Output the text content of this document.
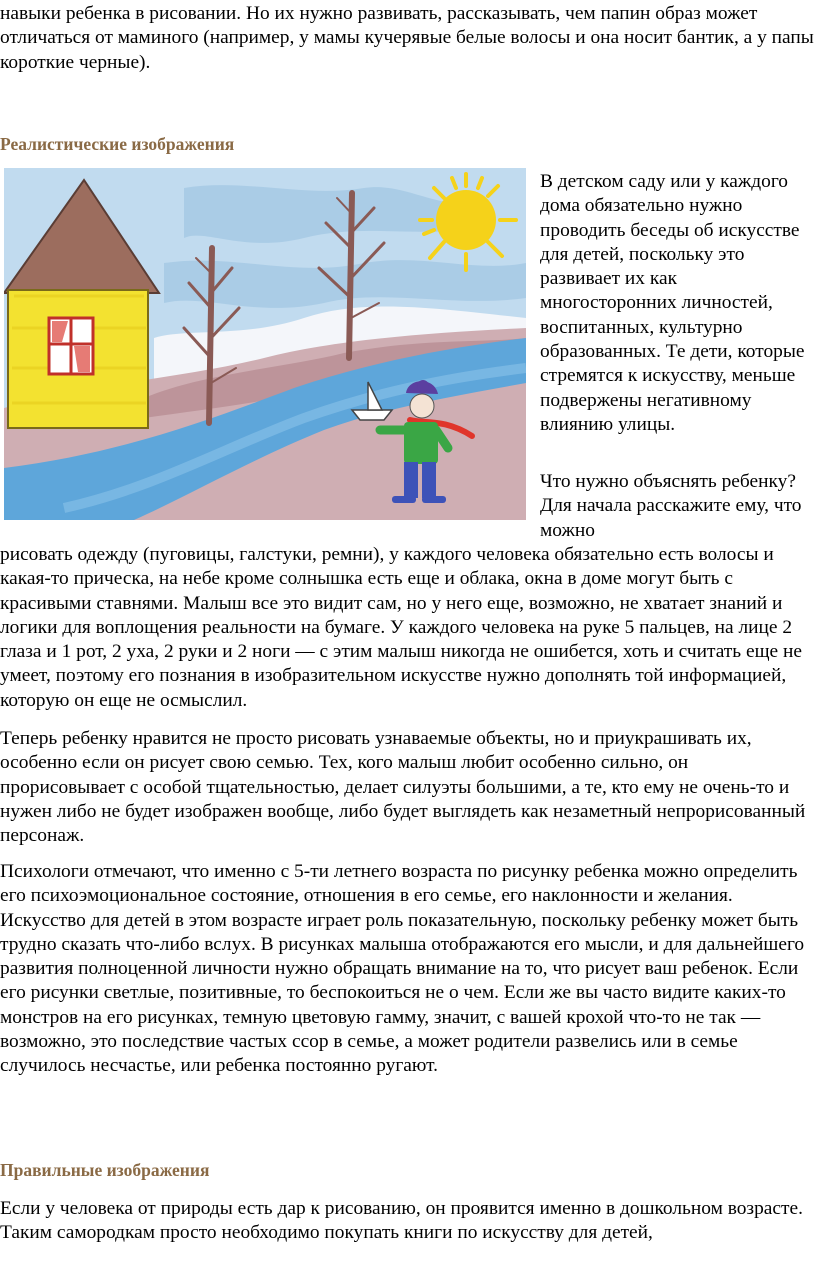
навыки ребенка в рисовании. Но их нужно развивать, рассказывать, чем папин образ может отличаться от маминого (например, у мамы кучерявые белые волосы и она носит бантик, а у папы короткие черные).

Реалистические изображения

В детском саду или у каждого дома обязательно нужно проводить беседы об искусстве для детей, поскольку это развивает их как многосторонних личностей, воспитанных, культурно образованных. Те дети, которые стремятся к искусству, меньше подвержены негативному влиянию улицы.

Что нужно объяснять ребенку? Для начала расскажите ему, что можно

рисовать одежду (пуговицы, галстуки, ремни), у каждого человека обязательно есть волосы и какая-то прическа, на небе кроме солнышка есть еще и облака, окна в доме могут быть с красивыми ставнями. Малыш все это видит сам, но у него еще, возможно, не хватает знаний и логики для воплощения реальности на бумаге. У каждого человека на руке 5 пальцев, на лице 2 глаза и 1 рот, 2 уха, 2 руки и 2 ноги — с этим малыш никогда не ошибется, хоть и считать еще не умеет, поэтому его познания в изобразительном искусстве нужно дополнять той информацией, которую он еще не осмыслил.

Теперь ребенку нравится не просто рисовать узнаваемые объекты, но и приукрашивать их, особенно если он рисует свою семью. Тех, кого малыш любит особенно сильно, он прорисовывает с особой тщательностью, делает силуэты большими, а те, кто ему не очень-то и нужен либо не будет изображен вообще, либо будет выглядеть как незаметный непрорисованный персонаж.

Психологи отмечают, что именно с 5-ти летнего возраста по рисунку ребенка можно определить его психоэмоциональное состояние, отношения в его семье, его наклонности и желания. Искусство для детей в этом возрасте играет роль показательную, поскольку ребенку может быть трудно сказать что-либо вслух. В рисунках малыша отображаются его мысли, и для дальнейшего развития полноценной личности нужно обращать внимание на то, что рисует ваш ребенок. Если его рисунки светлые, позитивные, то беспокоиться не о чем. Если же вы часто видите каких-то монстров на его рисунках, темную цветовую гамму, значит, с вашей крохой что-то не так — возможно, это последствие частых ссор в семье, а может родители развелись или в семье случилось несчастье, или ребенка постоянно ругают.

Правильные изображения

Если у человека от природы есть дар к рисованию, он проявится именно в дошкольном возрасте. Таким самородкам просто необходимо покупать книги по искусству для детей,
